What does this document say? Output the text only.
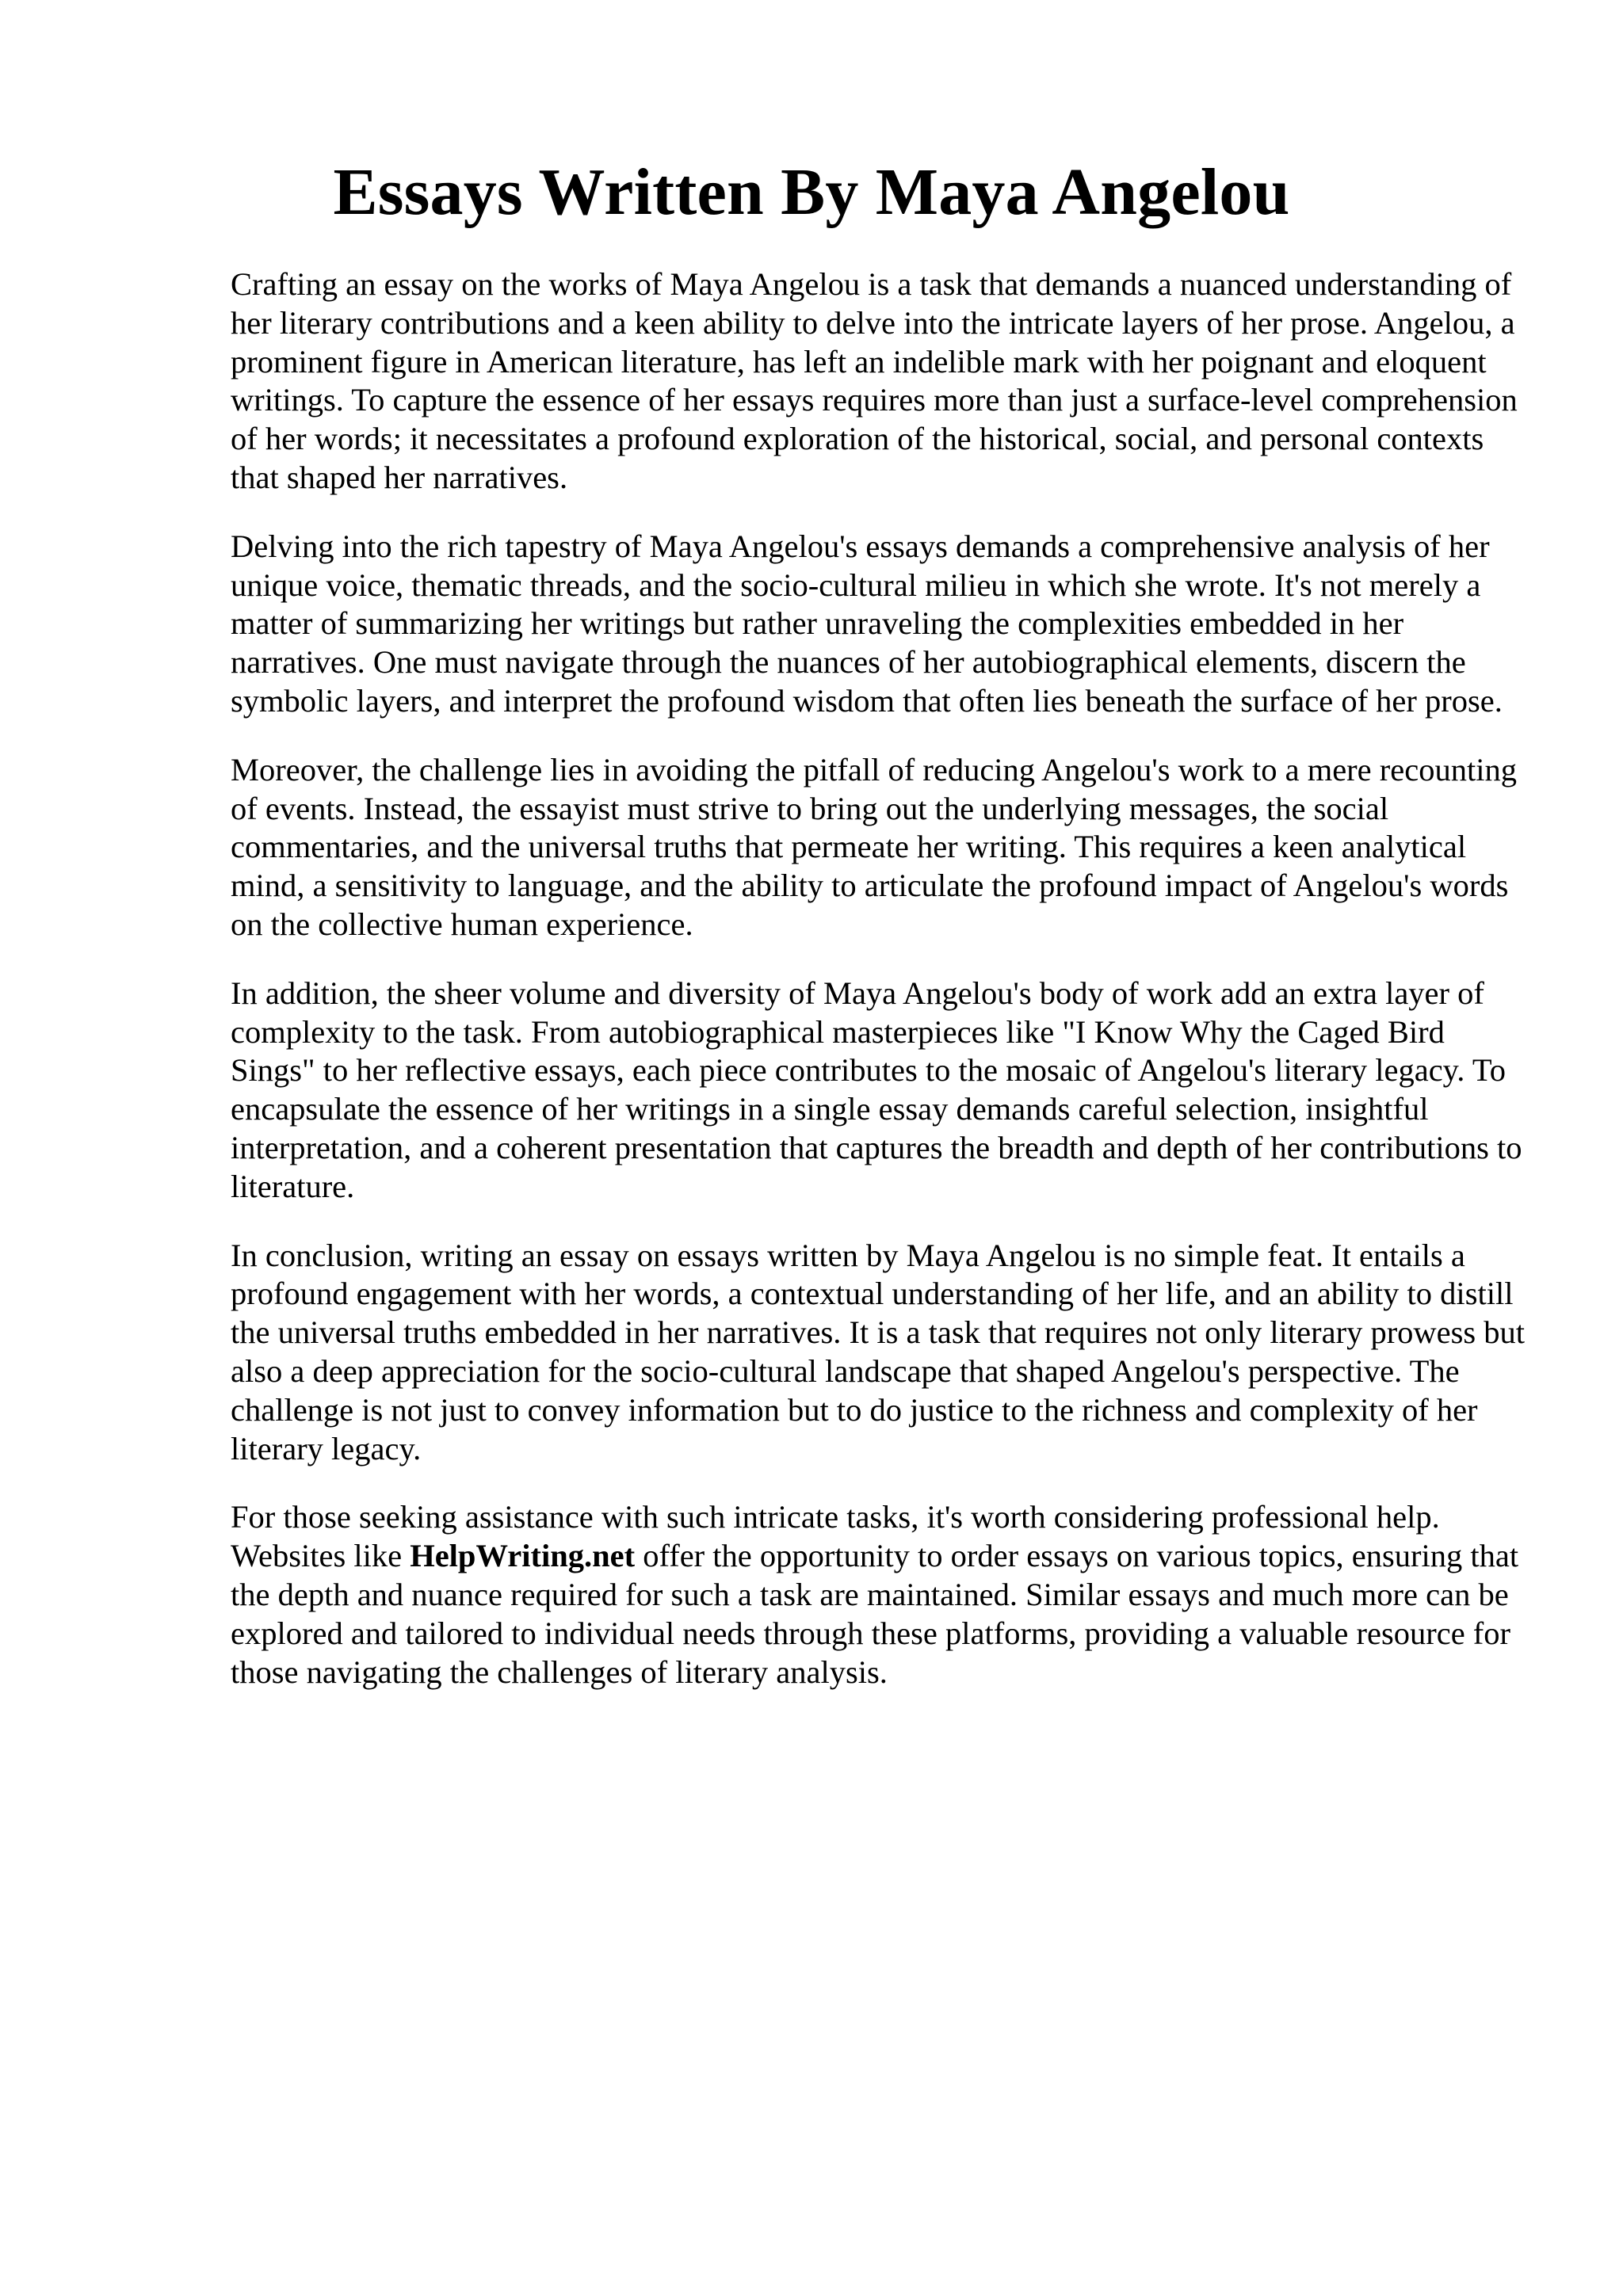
Essays Written By Maya Angelou

Crafting an essay on the works of Maya Angelou is a task that demands a nuanced understanding of her literary contributions and a keen ability to delve into the intricate layers of her prose. Angelou, a prominent figure in American literature, has left an indelible mark with her poignant and eloquent writings. To capture the essence of her essays requires more than just a surface-level comprehension of her words; it necessitates a profound exploration of the historical, social, and personal contexts that shaped her narratives.

Delving into the rich tapestry of Maya Angelou's essays demands a comprehensive analysis of her unique voice, thematic threads, and the socio-cultural milieu in which she wrote. It's not merely a matter of summarizing her writings but rather unraveling the complexities embedded in her narratives. One must navigate through the nuances of her autobiographical elements, discern the symbolic layers, and interpret the profound wisdom that often lies beneath the surface of her prose.

Moreover, the challenge lies in avoiding the pitfall of reducing Angelou's work to a mere recounting of events. Instead, the essayist must strive to bring out the underlying messages, the social commentaries, and the universal truths that permeate her writing. This requires a keen analytical mind, a sensitivity to language, and the ability to articulate the profound impact of Angelou's words on the collective human experience.

In addition, the sheer volume and diversity of Maya Angelou's body of work add an extra layer of complexity to the task. From autobiographical masterpieces like "I Know Why the Caged Bird Sings" to her reflective essays, each piece contributes to the mosaic of Angelou's literary legacy. To encapsulate the essence of her writings in a single essay demands careful selection, insightful interpretation, and a coherent presentation that captures the breadth and depth of her contributions to literature.

In conclusion, writing an essay on essays written by Maya Angelou is no simple feat. It entails a profound engagement with her words, a contextual understanding of her life, and an ability to distill the universal truths embedded in her narratives. It is a task that requires not only literary prowess but also a deep appreciation for the socio-cultural landscape that shaped Angelou's perspective. The challenge is not just to convey information but to do justice to the richness and complexity of her literary legacy.

For those seeking assistance with such intricate tasks, it's worth considering professional help. Websites like HelpWriting.net offer the opportunity to order essays on various topics, ensuring that the depth and nuance required for such a task are maintained. Similar essays and much more can be explored and tailored to individual needs through these platforms, providing a valuable resource for those navigating the challenges of literary analysis.
